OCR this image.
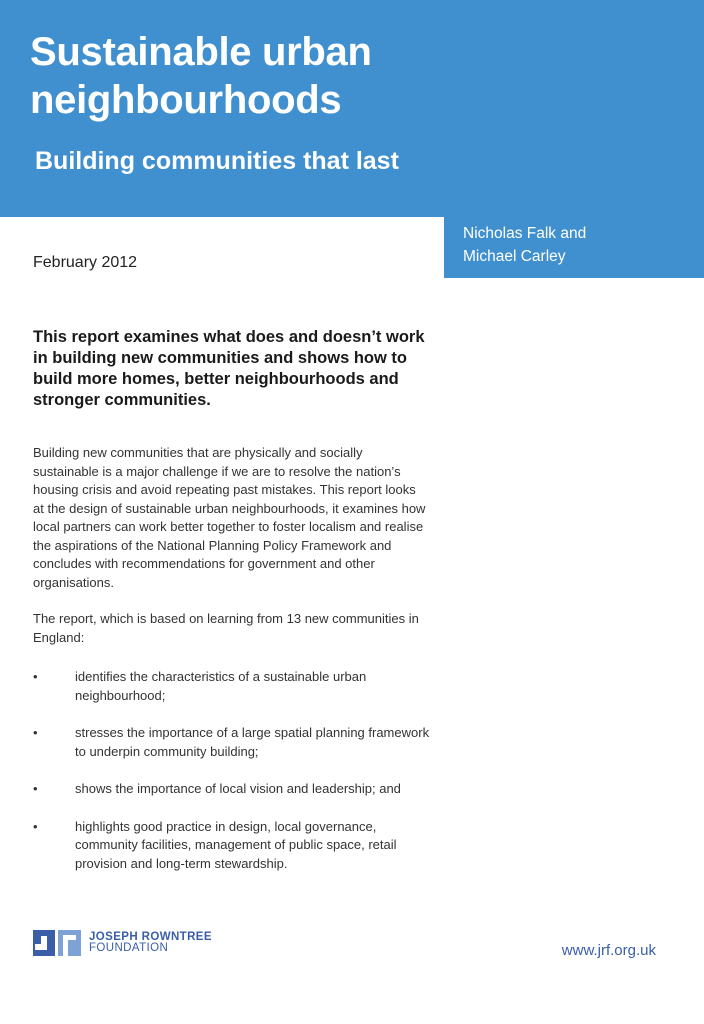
Sustainable urban
neighbourhoods
Building communities that last
Nicholas Falk and
Michael Carley
February 2012
This report examines what does and doesn’t work in building new communities and shows how to build more homes, better neighbourhoods and stronger communities.
Building new communities that are physically and socially sustainable is a major challenge if we are to resolve the nation’s housing crisis and avoid repeating past mistakes. This report looks at the design of sustainable urban neighbourhoods, it examines how local partners can work better together to foster localism and realise the aspirations of the National Planning Policy Framework and concludes with recommendations for government and other organisations.
The report, which is based on learning from 13 new communities in England:
•	identifies the characteristics of a sustainable urban neighbourhood;
•	stresses the importance of a large spatial planning framework to underpin community building;
•	shows the importance of local vision and leadership; and
•	highlights good practice in design, local governance, community facilities, management of public space, retail provision and long-term stewardship.
JOSEPH ROWNTREE
FOUNDATION	www.jrf.org.uk
